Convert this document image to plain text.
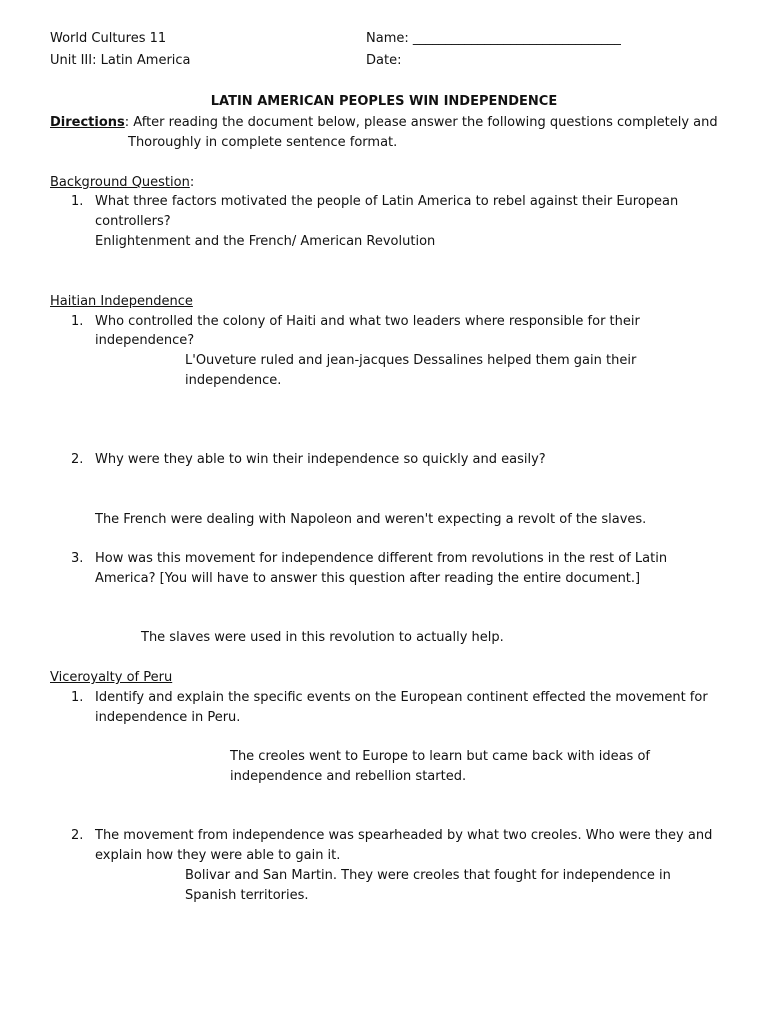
World Cultures 11
Unit III: Latin America
Name: ________________________________
Date:
LATIN AMERICAN PEOPLES WIN INDEPENDENCE
Directions: After reading the document below, please answer the following questions completely and
Thoroughly in complete sentence format.
Background Question:
1. What three factors motivated the people of Latin America to rebel against their European
controllers?
Enlightenment and the French/ American Revolution
Haitian Independence
1. Who controlled the colony of Haiti and what two leaders where responsible for their
independence?
L'Ouveture ruled and jean-jacques Dessalines helped them gain their
independence.
2. Why were they able to win their independence so quickly and easily?
The French were dealing with Napoleon and weren't expecting a revolt of the slaves.
3. How was this movement for independence different from revolutions in the rest of Latin
America? [You will have to answer this question after reading the entire document.]
The slaves were used in this revolution to actually help.
Viceroyalty of Peru
1. Identify and explain the specific events on the European continent effected the movement for
independence in Peru.
The creoles went to Europe to learn but came back with ideas of
independence and rebellion started.
2. The movement from independence was spearheaded by what two creoles. Who were they and
explain how they were able to gain it.
Bolivar and San Martin. They were creoles that fought for independence in
Spanish territories.
